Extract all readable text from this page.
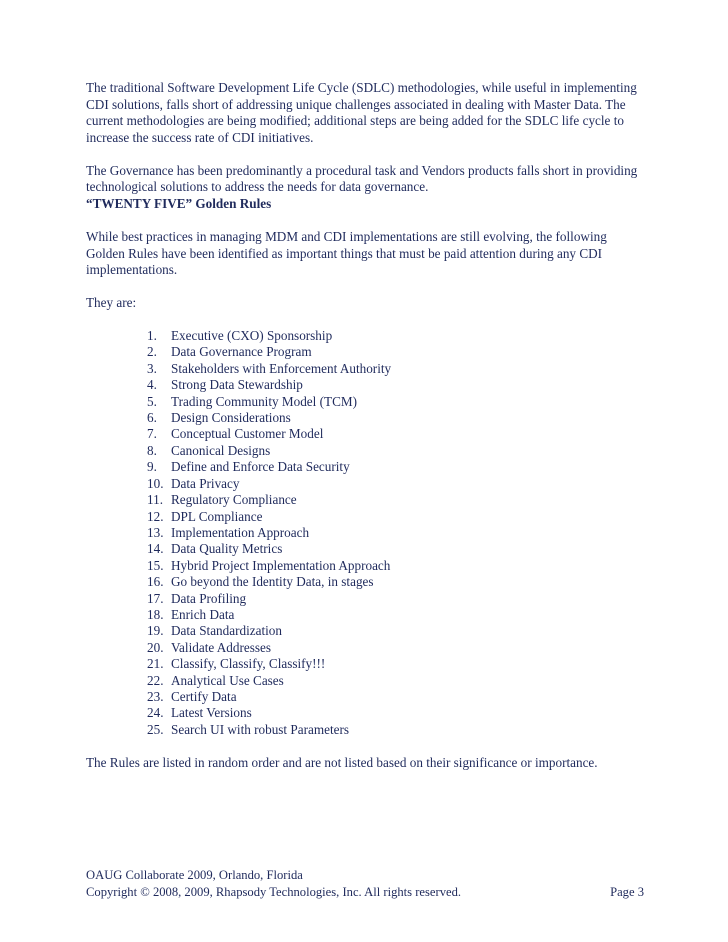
The traditional Software Development Life Cycle (SDLC) methodologies, while useful in implementing CDI solutions, falls short of addressing unique challenges associated in dealing with Master Data. The current methodologies are being modified; additional steps are being added for the SDLC life cycle to increase the success rate of CDI initiatives.

The Governance has been predominantly a procedural task and Vendors products falls short in providing technological solutions to address the needs for data governance.

“TWENTY FIVE” Golden Rules

While best practices in managing MDM and CDI implementations are still evolving, the following Golden Rules have been identified as important things that must be paid attention during any CDI implementations.

They are:

1. Executive (CXO) Sponsorship
2. Data Governance Program
3. Stakeholders with Enforcement Authority
4. Strong Data Stewardship
5. Trading Community Model (TCM)
6. Design Considerations
7. Conceptual Customer Model
8. Canonical Designs
9. Define and Enforce Data Security
10. Data Privacy
11. Regulatory Compliance
12. DPL Compliance
13. Implementation Approach
14. Data Quality Metrics
15. Hybrid Project Implementation Approach
16. Go beyond the Identity Data, in stages
17. Data Profiling
18. Enrich Data
19. Data Standardization
20. Validate Addresses
21. Classify, Classify, Classify!!!
22. Analytical Use Cases
23. Certify Data
24. Latest Versions
25. Search UI with robust Parameters

The Rules are listed in random order and are not listed based on their significance or importance.

OAUG Collaborate 2009, Orlando, Florida
Copyright © 2008, 2009, Rhapsody Technologies, Inc. All rights reserved.	Page 3
